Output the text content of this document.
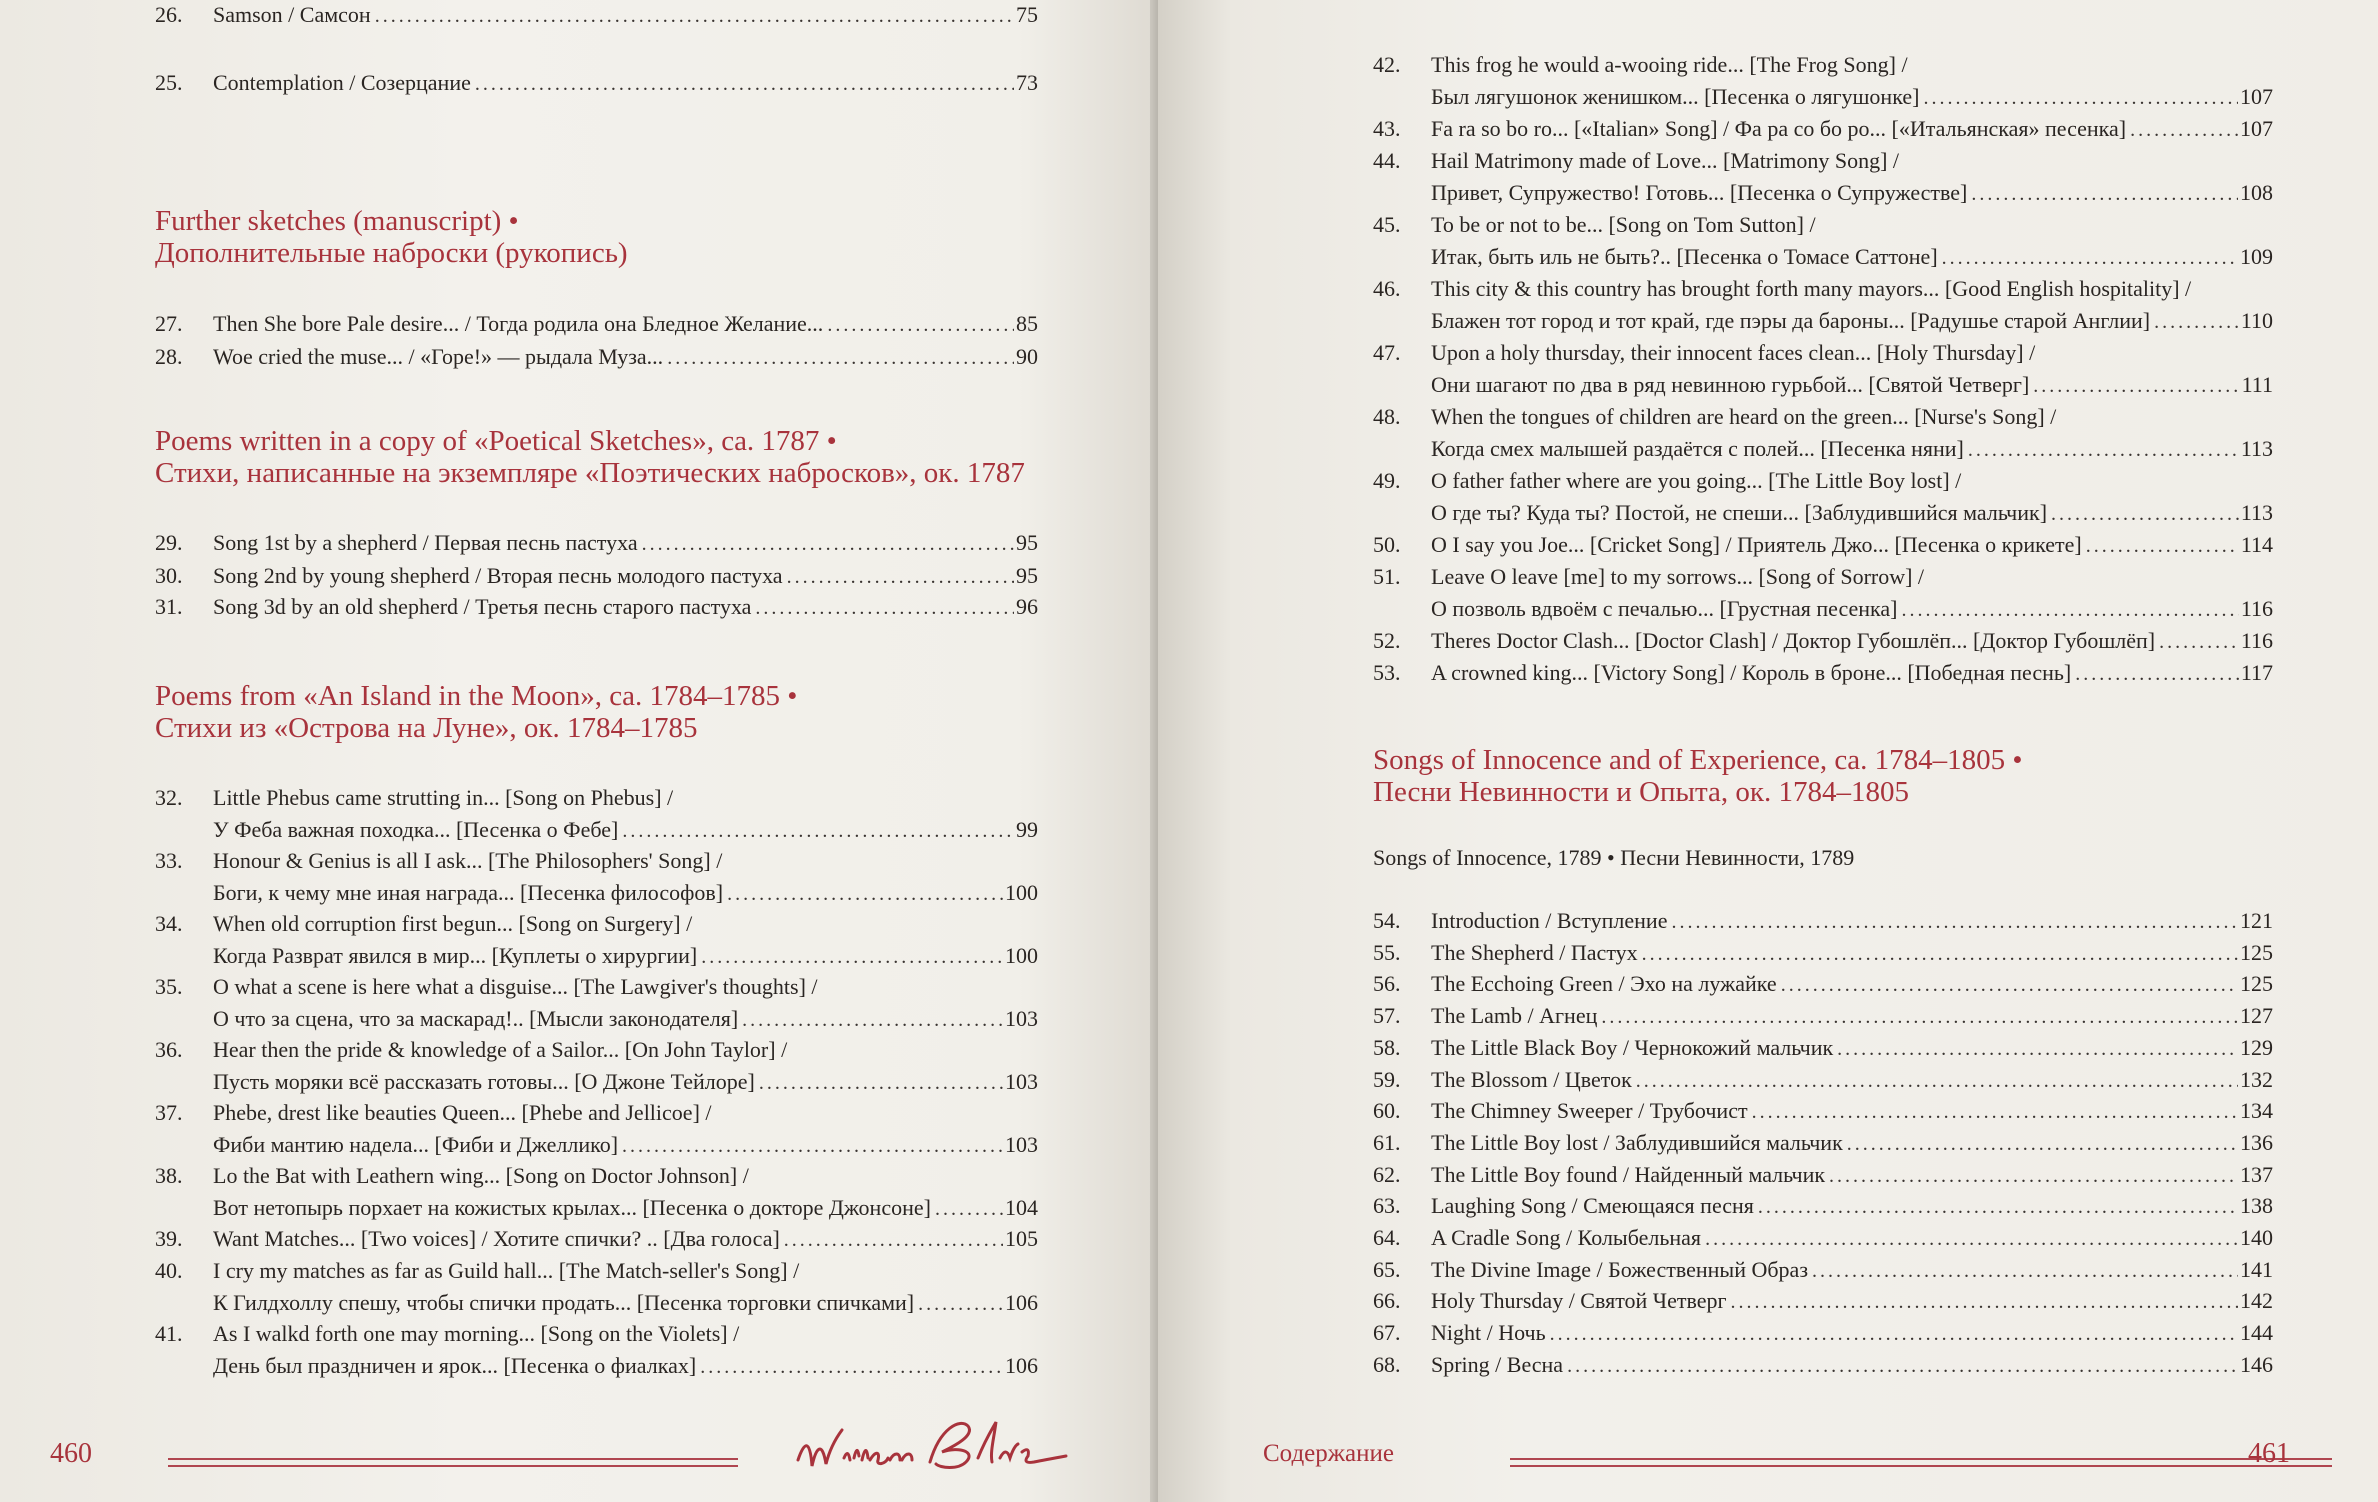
25.	Contemplation / Созерцание .....	73
26.	Samson / Самсон .....	75
Further sketches (manuscript) •
Дополнительные наброски (рукопись)
27.	Then She bore Pale desire... / Тогда родила она Бледное Желание... .....	85
28.	Woe cried the muse... / «Горе!» — рыдала Муза... .....	90
Poems written in a copy of «Poetical Sketches», ca. 1787 •
Стихи, написанные на экземпляре «Поэтических набросков», ок. 1787
29.	Song 1st by a shepherd / Первая песнь пастуха .....	95
30.	Song 2nd by young shepherd / Вторая песнь молодого пастуха .....	95
31.	Song 3d by an old shepherd / Третья песнь старого пастуха .....	96
Poems from «An Island in the Moon», ca. 1784–1785 •
Стихи из «Острова на Луне», ок. 1784–1785
32.	Little Phebus came strutting in... [Song on Phebus] /
У Феба важная походка... [Песенка о Фебе] .....	99
33.	Honour & Genius is all I ask... [The Philosophers' Song] /
Боги, к чему мне иная награда... [Песенка философов] .....	100
34.	When old corruption first begun... [Song on Surgery] /
Когда Разврат явился в мир... [Куплеты о хирургии] .....	100
35.	O what a scene is here what a disguise... [The Lawgiver's thoughts] /
О что за сцена, что за маскарад!.. [Мысли законодателя] .....	103
36.	Hear then the pride & knowledge of a Sailor... [On John Taylor] /
Пусть моряки всё рассказать готовы... [О Джоне Тейлоре] .....	103
37.	Phebe, drest like beauties Queen... [Phebe and Jellicoe] /
Фиби мантию надела... [Фиби и Джеллико] .....	103
38.	Lo the Bat with Leathern wing... [Song on Doctor Johnson] /
Вот нетопырь порхает на кожистых крылах... [Песенка о докторе Джонсоне] .....	104
39.	Want Matches... [Two voices] / Хотите спички? .. [Два голоса] .....	105
40.	I cry my matches as far as Guild hall... [The Match-seller's Song] /
К Гилдхоллу спешу, чтобы спички продать... [Песенка торговки спичками] .....	106
41.	As I walkd forth one may morning... [Song on the Violets] /
День был праздничен и ярок... [Песенка о фиалках] .....	106
460
42.	This frog he would a-wooing ride... [The Frog Song] /
Был лягушонок женишком... [Песенка о лягушонке] .....	107
43.	Fa ra so bo ro... [«Italian» Song] / Фа ра со бо ро... [«Итальянская» песенка] .....	107
44.	Hail Matrimony made of Love... [Matrimony Song] /
Привет, Супружество! Готовь... [Песенка о Супружестве] .....	108
45.	To be or not to be... [Song on Tom Sutton] /
Итак, быть иль не быть?.. [Песенка о Томасе Саттоне] .....	109
46.	This city & this country has brought forth many mayors... [Good English hospitality] /
Блажен тот город и тот край, где пэры да бароны... [Радушье старой Англии] .....	110
47.	Upon a holy thursday, their innocent faces clean... [Holy Thursday] /
Они шагают по два в ряд невинною гурьбой... [Святой Четверг] .....	111
48.	When the tongues of children are heard on the green... [Nurse's Song] /
Когда смех малышей раздаётся с полей... [Песенка няни] .....	113
49.	O father father where are you going... [The Little Boy lost] /
О где ты? Куда ты? Постой, не спеши... [Заблудившийся мальчик] .....	113
50.	O I say you Joe... [Cricket Song] / Приятель Джо... [Песенка о крикете] .....	114
51.	Leave O leave [me] to my sorrows... [Song of Sorrow] /
О позволь вдвоём с печалью... [Грустная песенка] .....	116
52.	Theres Doctor Clash... [Doctor Clash] / Доктор Губошлёп... [Доктор Губошлёп] .....	116
53.	A crowned king... [Victory Song] / Король в броне... [Победная песнь] .....	117
Songs of Innocence and of Experience, ca. 1784–1805 •
Песни Невинности и Опыта, ок. 1784–1805
Songs of Innocence, 1789 • Песни Невинности, 1789
54.	Introduction / Вступление .....	121
55.	The Shepherd / Пастух .....	125
56.	The Ecchoing Green / Эхо на лужайке .....	125
57.	The Lamb / Агнец .....	127
58.	The Little Black Boy / Чернокожий мальчик .....	129
59.	The Blossom / Цветок .....	132
60.	The Chimney Sweeper / Трубочист .....	134
61.	The Little Boy lost / Заблудившийся мальчик .....	136
62.	The Little Boy found / Найденный мальчик .....	137
63.	Laughing Song / Смеющаяся песня .....	138
64.	A Cradle Song / Колыбельная .....	140
65.	The Divine Image / Божественный Образ .....	141
66.	Holy Thursday / Святой Четверг .....	142
67.	Night / Ночь .....	144
68.	Spring / Весна .....	146
Содержание	461
